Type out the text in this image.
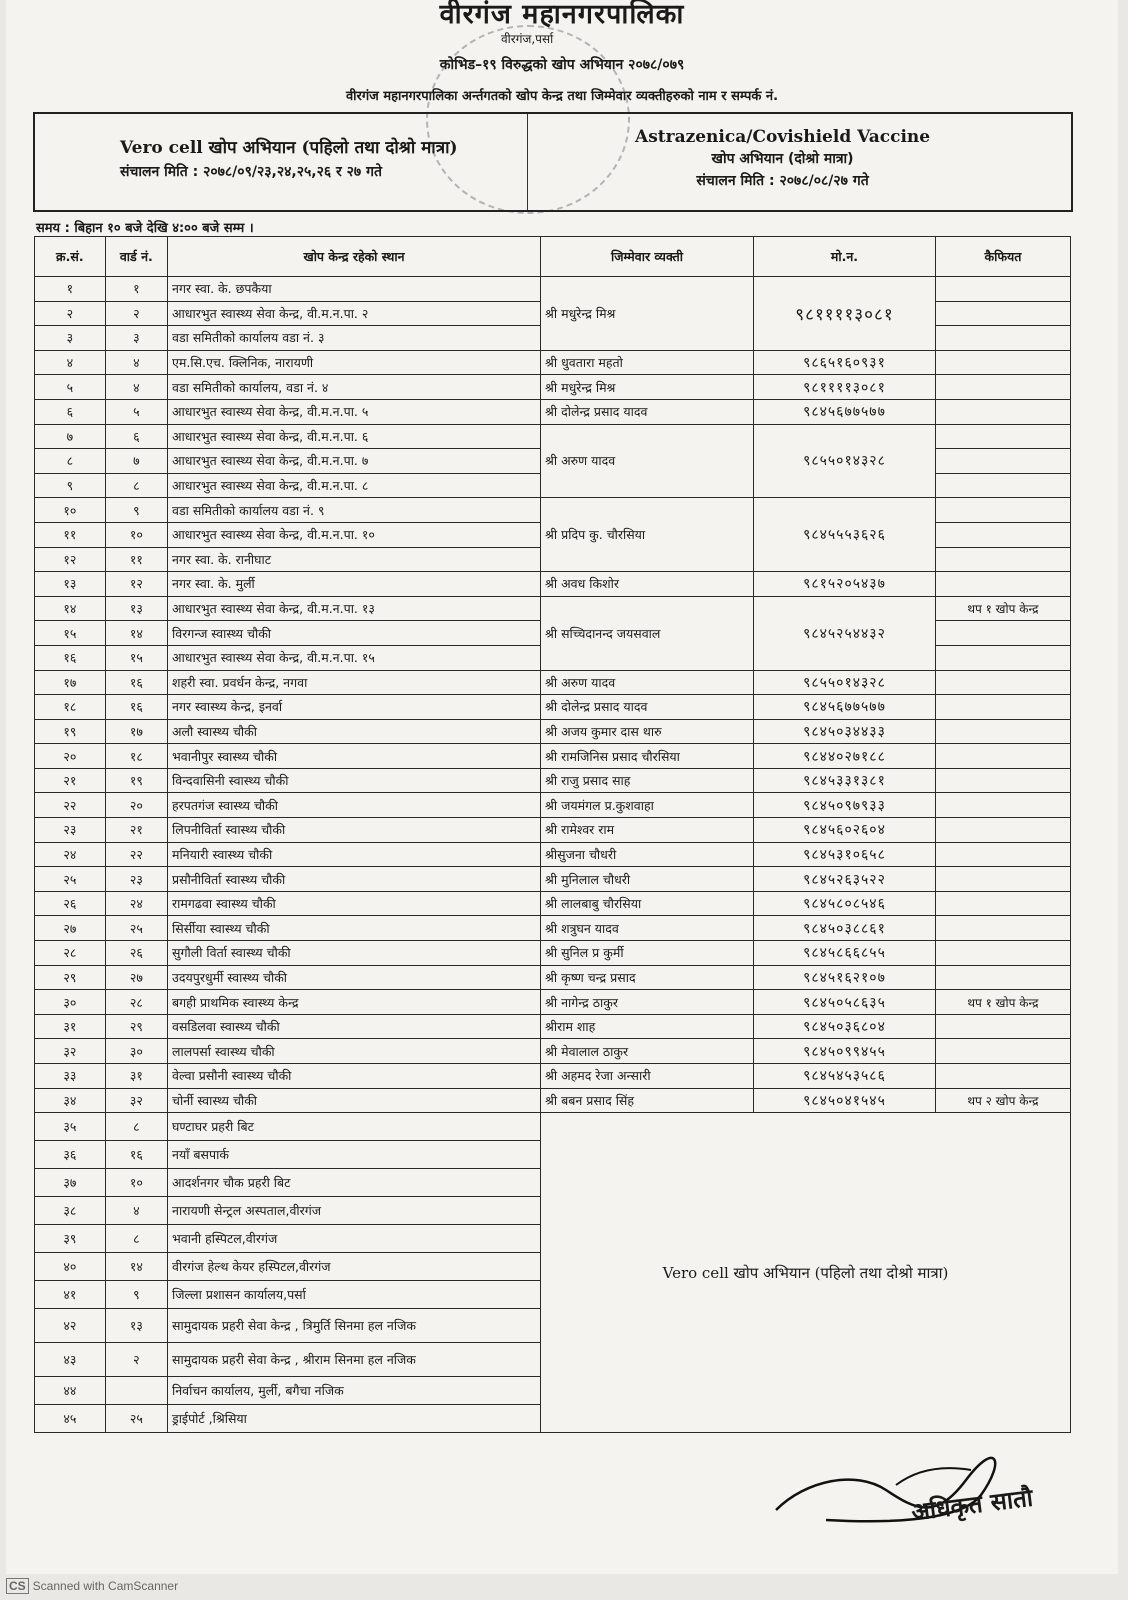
वीरगंज महानगरपालिका
वीरगंज,पर्सा
कोभिड–१९ विरुद्धको खोप अभियान २०७८/०७९
वीरगंज महानगरपालिका अर्न्तगतको खोप केन्द्र तथा जिम्मेवार व्यक्तीहरुको नाम र सम्पर्क नं.
Vero cell खोप अभियान (पहिलो तथा दोश्रो मात्रा)
संचालन मिति : २०७८/०९/२३,२४,२५,२६ र २७ गते
Astrazenica/Covishield Vaccine
खोप अभियान (दोश्रो मात्रा)
संचालन मिति : २०७८/०८/२७ गते
समय : बिहान १० बजे देखि ४:०० बजे सम्म ।
क्र.सं.	वार्ड नं.	खोप केन्द्र रहेको स्थान	जिम्मेवार व्यक्ती	मो.न.	कैफियत
१	१	नगर स्वा. के. छपकैया	श्री मधुरेन्द्र मिश्र	९८११११३०८१	
२	२	आधारभुत स्वास्थ्य सेवा केन्द्र, वी.म.न.पा. २			
३	३	वडा समितीको कार्यालय वडा नं. ३			
४	४	एम.सि.एच. क्लिनिक, नारायणी	श्री धुवतारा महतो	९८६५१६०९३१	
५	४	वडा समितीको कार्यालय, वडा नं. ४	श्री मधुरेन्द्र मिश्र	९८११११३०८१	
६	५	आधारभुत स्वास्थ्य सेवा केन्द्र, वी.म.न.पा. ५	श्री दोलेन्द्र प्रसाद यादव	९८४५६७७५७७	
७	६	आधारभुत स्वास्थ्य सेवा केन्द्र, वी.म.न.पा. ६	श्री अरुण यादव	९८५५०१४३२८	
८	७	आधारभुत स्वास्थ्य सेवा केन्द्र, वी.म.न.पा. ७			
९	८	आधारभुत स्वास्थ्य सेवा केन्द्र, वी.म.न.पा. ८			
१०	९	वडा समितीको कार्यालय वडा नं. ९	श्री प्रदिप कु. चौरसिया	९८४५५५३६२६	
११	१०	आधारभुत स्वास्थ्य सेवा केन्द्र, वी.म.न.पा. १०			
१२	११	नगर स्वा. के. रानीघाट			
१३	१२	नगर स्वा. के. मुर्ली	श्री अवध किशोर	९८१५२०५४३७	
१४	१३	आधारभुत स्वास्थ्य सेवा केन्द्र, वी.म.न.पा. १३	श्री सच्चिदानन्द जयसवाल	९८४५२५४४३२	थप १ खोप केन्द्र
१५	१४	विरगन्ज स्वास्थ्य चौकी			
१६	१५	आधारभुत स्वास्थ्य सेवा केन्द्र, वी.म.न.पा. १५			
१७	१६	शहरी स्वा. प्रवर्धन केन्द्र, नगवा	श्री अरुण यादव	९८५५०१४३२८	
१८	१६	नगर स्वास्थ्य केन्द्र, इनर्वा	श्री दोलेन्द्र प्रसाद यादव	९८४५६७७५७७	
१९	१७	अलौ स्वास्थ्य चौकी	श्री अजय कुमार दास थारु	९८४५०३४४३३	
२०	१८	भवानीपुर स्वास्थ्य चौकी	श्री रामजिनिस प्रसाद चौरसिया	९८४४०२७१८८	
२१	१९	विन्दवासिनी स्वास्थ्य चौकी	श्री राजु प्रसाद साह	९८४५३३१३८१	
२२	२०	हरपतगंज स्वास्थ्य चौकी	श्री जयमंगल प्र.कुशवाहा	९८४५०९७९३३	
२३	२१	लिपनीविर्ता स्वास्थ्य चौकी	श्री रामेश्वर राम	९८४५६०२६०४	
२४	२२	मनियारी स्वास्थ्य चौकी	श्रीसुजना चौधरी	९८४५३१०६५८	
२५	२३	प्रसौनीविर्ता स्वास्थ्य चौकी	श्री मुनिलाल चौधरी	९८४५२६३५२२	
२६	२४	रामगढवा स्वास्थ्य चौकी	श्री लालबाबु चौरसिया	९८४५८०८५४६	
२७	२५	सिर्सीया स्वास्थ्य चौकी	श्री शत्रुघन यादव	९८४५०३८८६१	
२८	२६	सुगौली विर्ता स्वास्थ्य चौकी	श्री सुनिल प्र कुर्मी	९८४५८६६८५५	
२९	२७	उदयपुरधुर्मी स्वास्थ्य चौकी	श्री कृष्ण चन्द्र प्रसाद	९८४५१६२१०७	
३०	२८	बगही प्राथमिक स्वास्थ्य केन्द्र	श्री नागेन्द्र ठाकुर	९८४५०५८६३५	थप १ खोप केन्द्र
३१	२९	वसडिलवा स्वास्थ्य चौकी	श्रीराम शाह	९८४५०३६८०४	
३२	३०	लालपर्सा स्वास्थ्य चौकी	श्री मेवालाल ठाकुर	९८४५०९९४५५	
३३	३१	वेल्वा प्रसौनी स्वास्थ्य चौकी	श्री अहमद रेजा अन्सारी	९८४५४५३५८६	
३४	३२	चोर्नी स्वास्थ्य चौकी	श्री बबन प्रसाद सिंह	९८४५०४१५४५	थप २ खोप केन्द्र
३५	८	घण्टाघर प्रहरी बिट	Vero cell खोप अभियान (पहिलो तथा दोश्रो मात्रा)		
३६	१६	नयाँ बसपार्क			
३७	१०	आदर्शनगर चौक प्रहरी बिट			
३८	४	नारायणी सेन्ट्रल अस्पताल,वीरगंज			
३९	८	भवानी हस्पिटल,वीरगंज			
४०	१४	वीरगंज हेल्थ केयर हस्पिटल,वीरगंज			
४१	९	जिल्ला प्रशासन कार्यालय,पर्सा			
४२	१३	सामुदायक प्रहरी सेवा केन्द्र , त्रिमुर्ति सिनमा हल नजिक			
४३	२	सामुदायक प्रहरी सेवा केन्द्र , श्रीराम सिनमा हल नजिक			
४४		निर्वाचन कार्यालय, मुर्ली, बगैचा नजिक			
४५	२५	ड्राईपोर्ट ,श्रिसिया			
अधिकृत सातौ
CS Scanned with CamScanner
